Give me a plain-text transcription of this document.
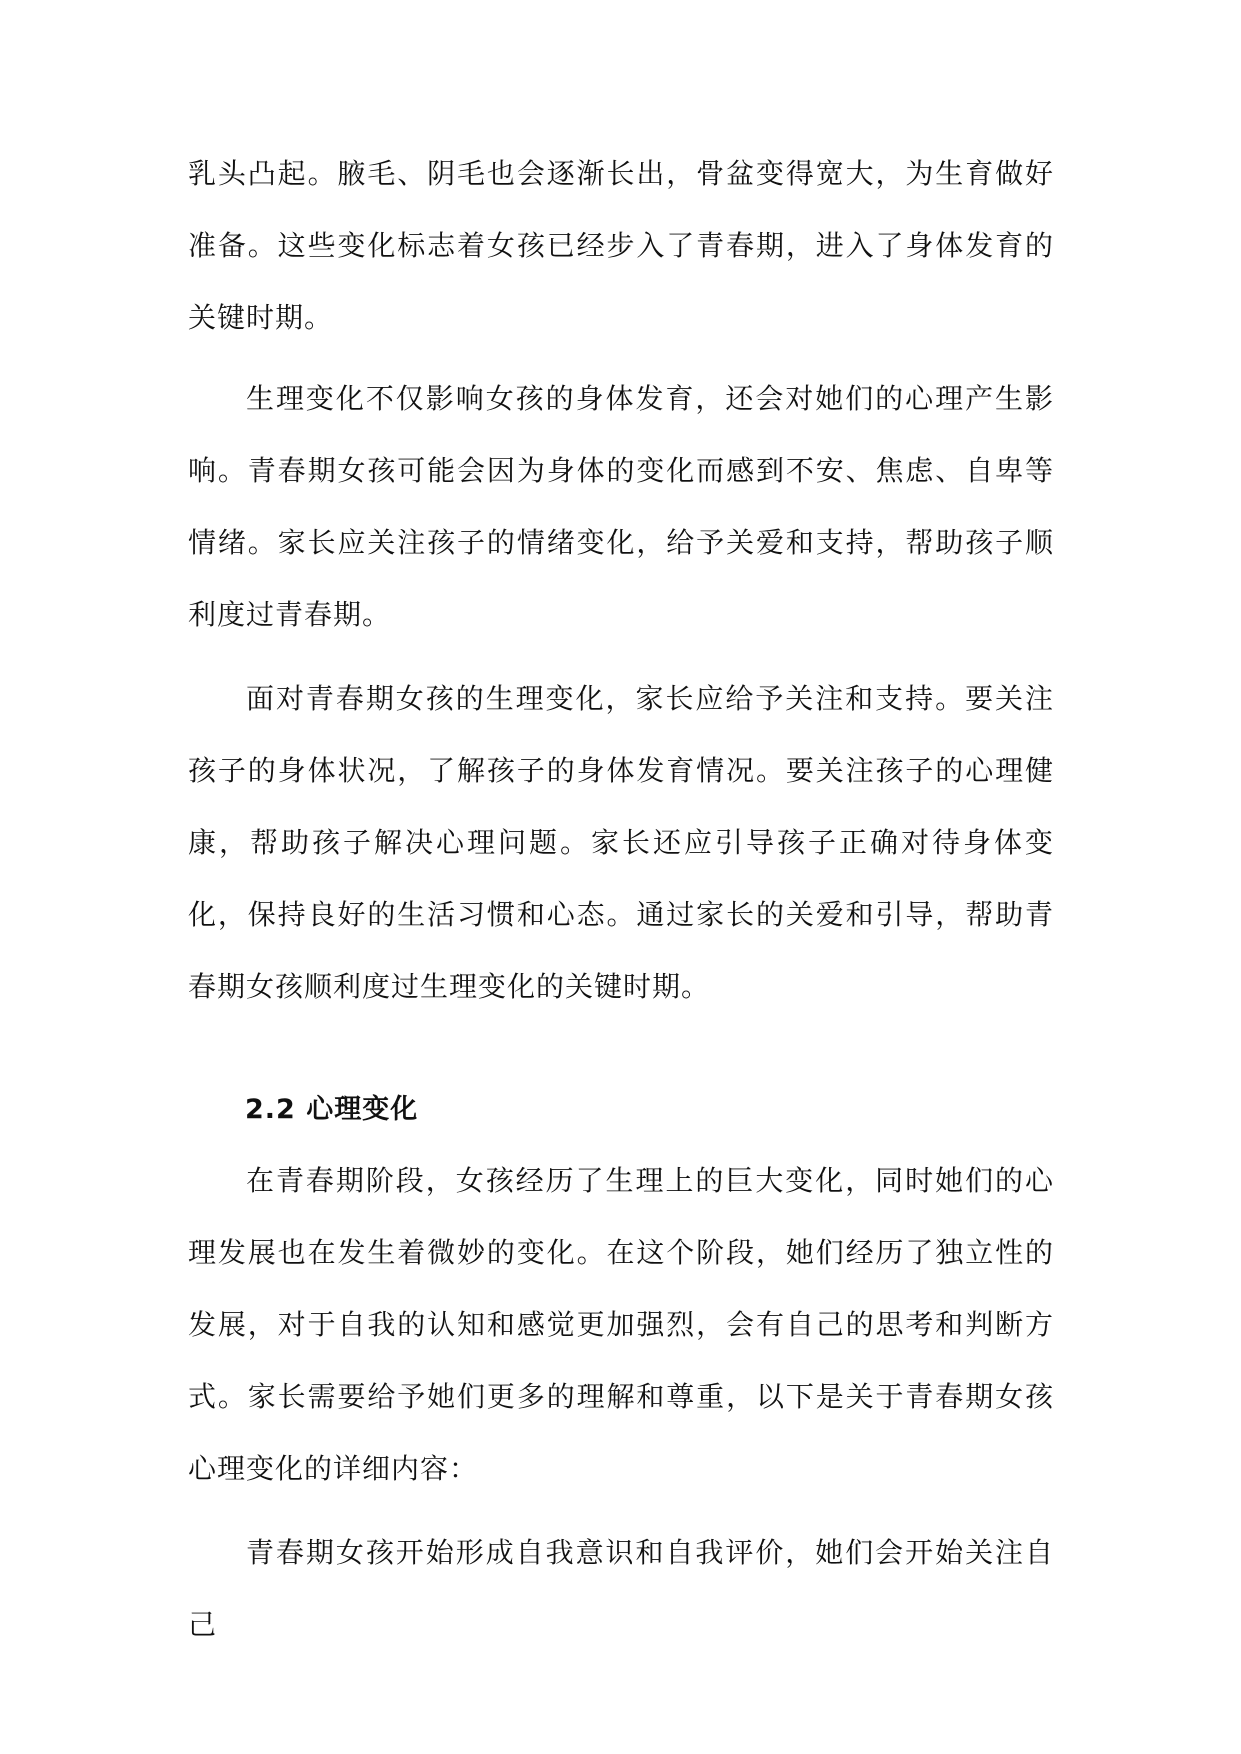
乳头凸起。腋毛、阴毛也会逐渐长出，骨盆变得宽大，为生育做好准备。这些变化标志着女孩已经步入了青春期，进入了身体发育的关键时期。
生理变化不仅影响女孩的身体发育，还会对她们的心理产生影响。青春期女孩可能会因为身体的变化而感到不安、焦虑、自卑等情绪。家长应关注孩子的情绪变化，给予关爱和支持，帮助孩子顺利度过青春期。
面对青春期女孩的生理变化，家长应给予关注和支持。要关注孩子的身体状况，了解孩子的身体发育情况。要关注孩子的心理健康，帮助孩子解决心理问题。家长还应引导孩子正确对待身体变化，保持良好的生活习惯和心态。通过家长的关爱和引导，帮助青春期女孩顺利度过生理变化的关键时期。
2.2 心理变化
在青春期阶段，女孩经历了生理上的巨大变化，同时她们的心理发展也在发生着微妙的变化。在这个阶段，她们经历了独立性的发展，对于自我的认知和感觉更加强烈，会有自己的思考和判断方式。家长需要给予她们更多的理解和尊重，以下是关于青春期女孩心理变化的详细内容：
青春期女孩开始形成自我意识和自我评价，她们会开始关注自己
